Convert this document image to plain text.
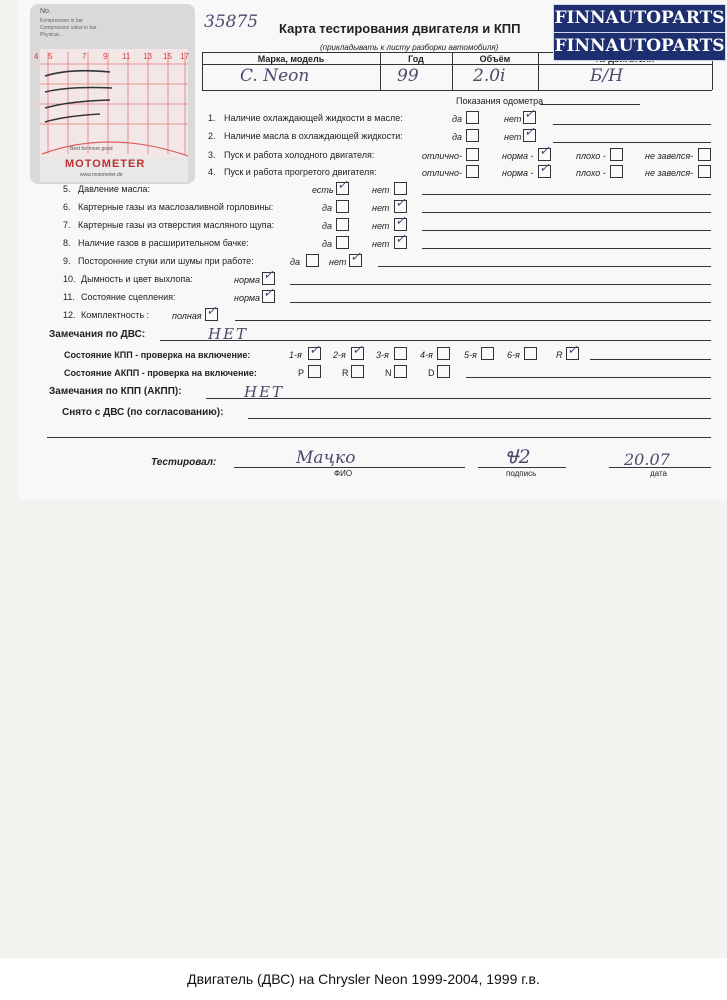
No.
Kompression in bar
Compression value in bar
Physical...
4 5	7 9 11 13 15 17
MOTOMETER
Best for more good
www.motometer.de
35875 Карта тестирования двигателя и КПП
(прикладывать к листу разборки автомобиля)
Марка, модель	Год	Объём
C. Neon	99	2.0i	Б/Н
FINNAUTOPARTS
FINNAUTOPARTS
Показания одометра
1. Наличие охлаждающей жидкости в масле:	да	нет ✓
2. Наличие масла в охлаждающей жидкости:	да	нет ✓
3. Пуск и работа холодного двигателя:	отлично-	норма - ✓	плохо -	не завелся-
4. Пуск и работа прогретого двигателя:	отлично-	норма - ✓	плохо -	не завелся-
5. Давление масла:	есть ✓	нет
6. Картерные газы из маслозаливной горловины:	да	нет ✓
7. Картерные газы из отверстия масляного щупа:	да	нет ✓
8. Наличие газов в расширительном бачке:	да	нет ✓
9. Посторонние стуки или шумы при работе:	да	нет ✓
10. Дымность и цвет выхлопа:	норма ✓
11. Состояние сцепления:	норма ✓
12. Комплектность :	полная ✓
Замечания по ДВС:	НЕТ
Состояние КПП - проверка на включение:	1-я ✓ 2-я ✓ 3-я	4-я	5-я	6-я	R ✓
Состояние АКПП - проверка на включение:	P	R	N	D
Замечания по КПП (АКПП):	НЕТ
Снято с ДВС (по согласованию):
Тестировал:	Маҷко	Ꮰ2	20.07
ФИО	подпись	дата
Двигатель (ДВС) на Chrysler Neon 1999-2004, 1999 г.в.
